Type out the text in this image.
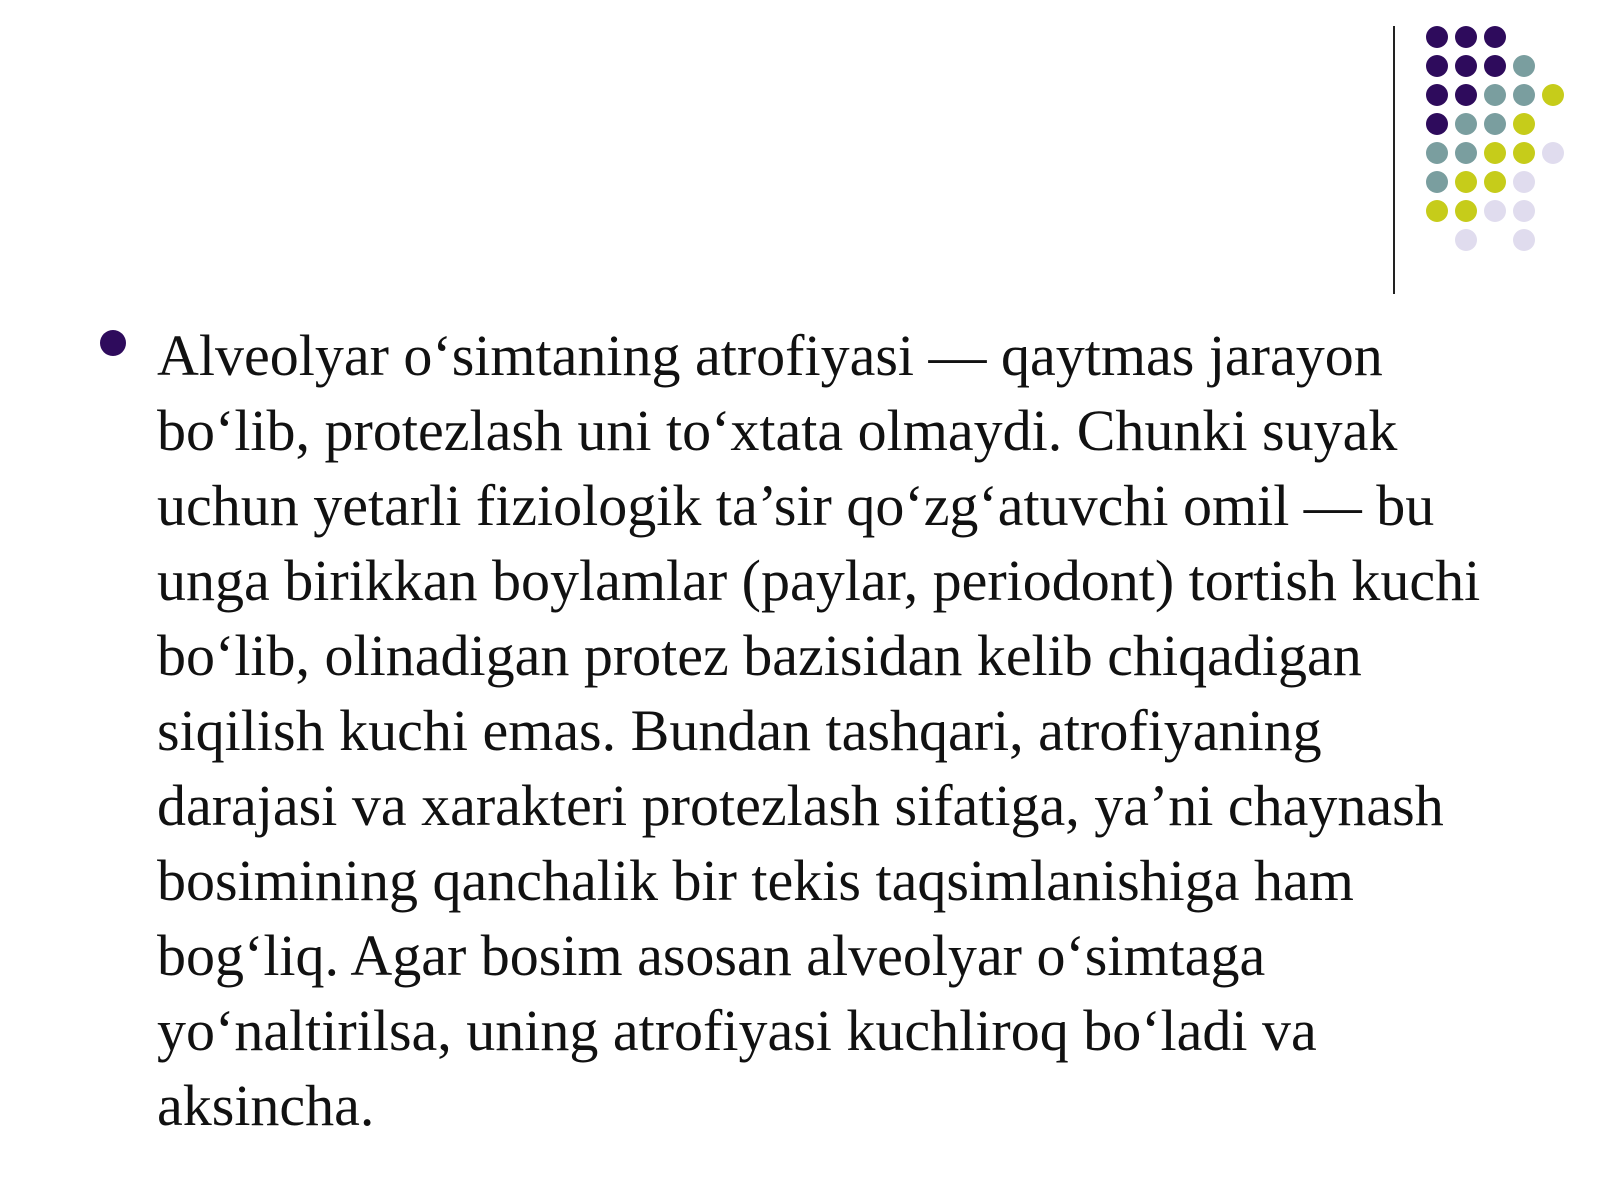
Alveolyar o‘simtaning atrofiyasi — qaytmas jarayon bo‘lib, protezlash uni to‘xtata olmaydi. Chunki suyak uchun yetarli fiziologik ta’sir qo‘zg‘atuvchi omil — bu unga birikkan boylamlar (paylar, periodont) tortish kuchi bo‘lib, olinadigan protez bazisidan kelib chiqadigan siqilish kuchi emas. Bundan tashqari, atrofiyaning darajasi va xarakteri protezlash sifatiga, ya’ni chaynash bosimining qanchalik bir tekis taqsimlanishiga ham bog‘liq. Agar bosim asosan alveolyar o‘simtaga yo‘naltirilsa, uning atrofiyasi kuchliroq bo‘ladi va aksincha.
